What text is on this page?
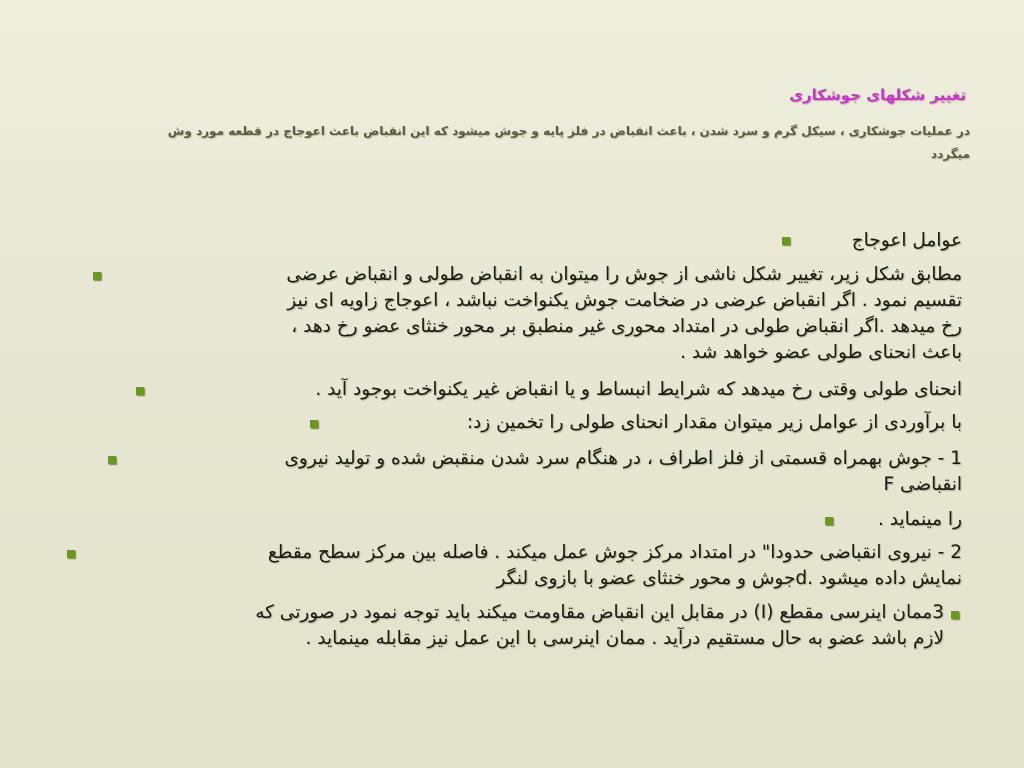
تغییر شکلهای جوشکاری
در عملیات جوشکاری ، سیکل گرم و سرد شدن ، باعث انقباض در فلز پایه و جوش میشود که این انقباض باعث اعوجاج در قطعه مورد وش
میگردد
عوامل اعوجاج
مطابق شکل زیر، تغییر شکل ناشی از جوش را میتوان به انقباض طولی و انقباض عرضی
تقسیم نمود . اگر انقباض عرضی در ضخامت جوش یکنواخت نباشد ، اعوجاج زاویه ای نیز
رخ میدهد .اگر انقباض طولی در امتداد محوری غیر منطبق بر محور خنثای عضو رخ دهد ،
باعث انحنای طولی عضو خواهد شد .
انحنای طولی وقتی رخ میدهد که شرایط انبساط و یا انقباض غیر یکنواخت بوجود آید .
با برآوردی از عوامل زیر میتوان مقدار انحنای طولی را تخمین زد:
1 - جوش بهمراه قسمتی از فلز اطراف ، در هنگام سرد شدن منقبض شده و تولید نیروی
F انقباضی
را مینماید .
2 - نیروی انقباضی حدودا" در امتداد مرکز جوش عمل میکند . فاصله بین مرکز سطح مقطع
نمایش داده میشود .dجوش و محور خنثای عضو با بازوی لنگر
3ممان اینرسی مقطع (I) در مقابل این انقباض مقاومت میکند باید توجه نمود در صورتی که
لازم باشد عضو به حال مستقیم درآید . ممان اینرسی با این عمل نیز مقابله مینماید .
